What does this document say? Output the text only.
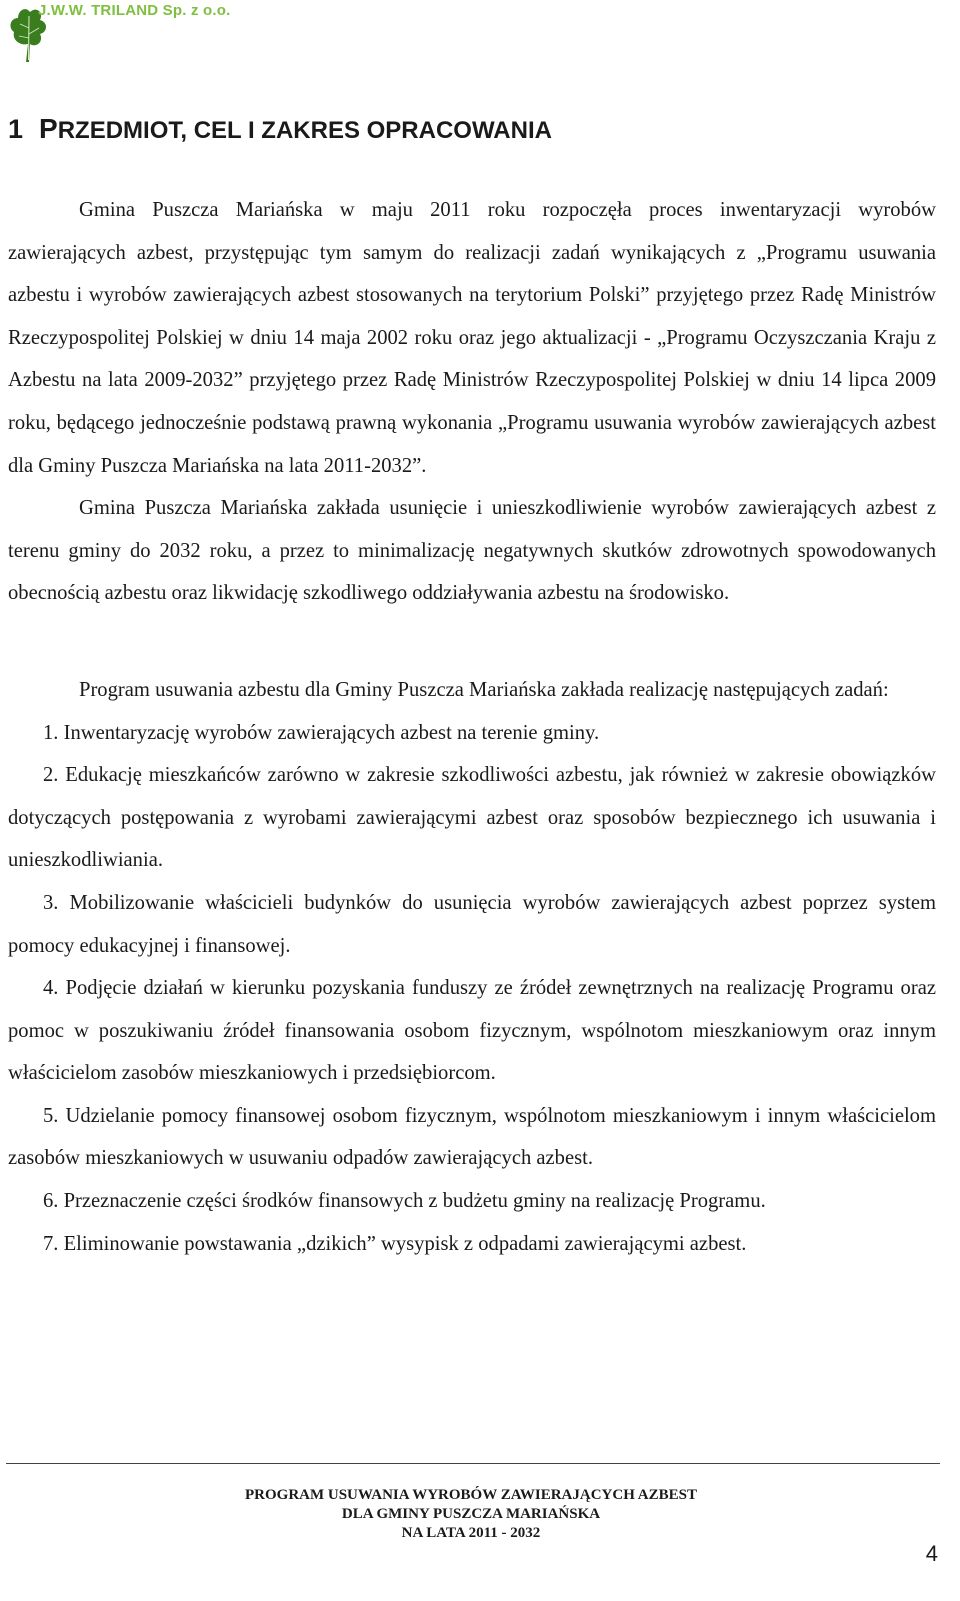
J.W.W. TRILAND Sp. z o.o.
1 PRZEDMIOT, CEL I ZAKRES OPRACOWANIA

Gmina Puszcza Mariańska w maju 2011 roku rozpoczęła proces inwentaryzacji wyrobów zawierających azbest, przystępując tym samym do realizacji zadań wynikających z „Programu usuwania azbestu i wyrobów zawierających azbest stosowanych na terytorium Polski” przyjętego przez Radę Ministrów Rzeczypospolitej Polskiej w dniu 14 maja 2002 roku oraz jego aktualizacji - „Programu Oczyszczania Kraju z Azbestu na lata 2009-2032” przyjętego przez Radę Ministrów Rzeczypospolitej Polskiej w dniu 14 lipca 2009 roku, będącego jednocześnie podstawą prawną wykonania „Programu usuwania wyrobów zawierających azbest dla Gminy Puszcza Mariańska na lata 2011-2032”.

Gmina Puszcza Mariańska zakłada usunięcie i unieszkodliwienie wyrobów zawierających azbest z terenu gminy do 2032 roku, a przez to minimalizację negatywnych skutków zdrowotnych spowodowanych obecnością azbestu oraz likwidację szkodliwego oddziaływania azbestu na środowisko.

Program usuwania azbestu dla Gminy Puszcza Mariańska zakłada realizację następujących zadań:

1. Inwentaryzację wyrobów zawierających azbest na terenie gminy.

2. Edukację mieszkańców zarówno w zakresie szkodliwości azbestu, jak również w zakresie obowiązków dotyczących postępowania z wyrobami zawierającymi azbest oraz sposobów bezpiecznego ich usuwania i unieszkodliwiania.

3. Mobilizowanie właścicieli budynków do usunięcia wyrobów zawierających azbest poprzez system pomocy edukacyjnej i finansowej.

4. Podjęcie działań w kierunku pozyskania funduszy ze źródeł zewnętrznych na realizację Programu oraz pomoc w poszukiwaniu źródeł finansowania osobom fizycznym, wspólnotom mieszkaniowym oraz innym właścicielom zasobów mieszkaniowych i przedsiębiorcom.

5. Udzielanie pomocy finansowej osobom fizycznym, wspólnotom mieszkaniowym i innym właścicielom zasobów mieszkaniowych w usuwaniu odpadów zawierających azbest.

6. Przeznaczenie części środków finansowych z budżetu gminy na realizację Programu.

7. Eliminowanie powstawania „dzikich” wysypisk z odpadami zawierającymi azbest.

PROGRAM USUWANIA WYROBÓW ZAWIERAJĄCYCH AZBEST
DLA GMINY PUSZCZA MARIAŃSKA
NA LATA 2011 - 2032
4
